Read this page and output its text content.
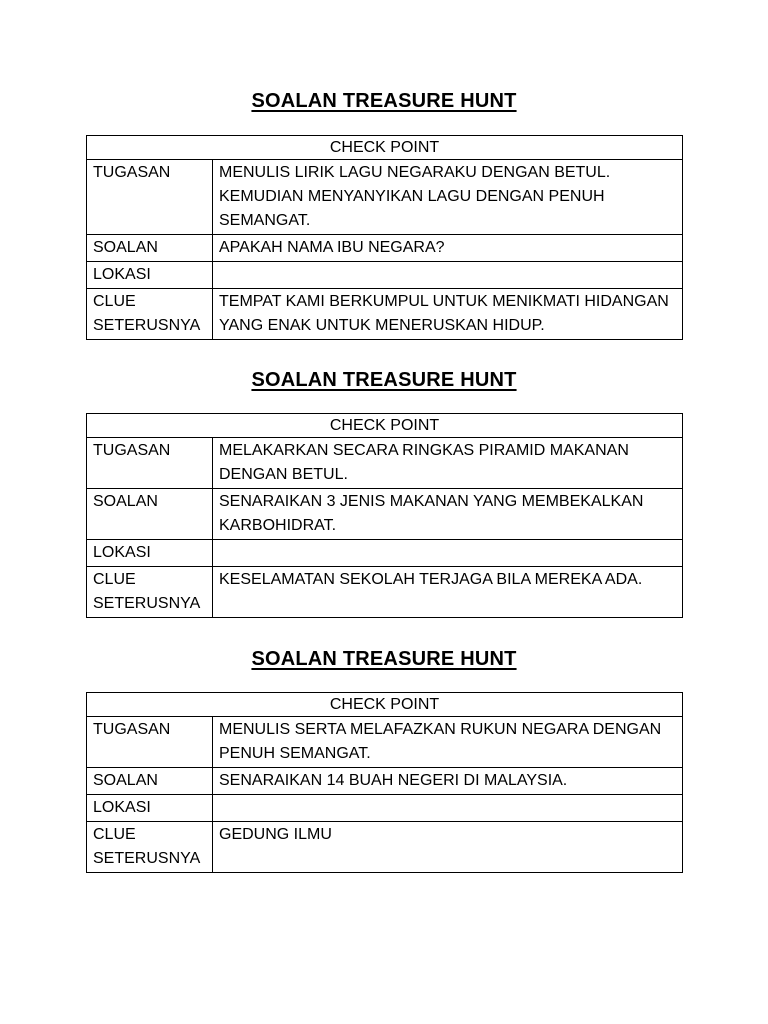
SOALAN TREASURE HUNT
CHECK POINT	
TUGASAN	MENULIS LIRIK LAGU NEGARAKU DENGAN BETUL. KEMUDIAN MENYANYIKAN LAGU DENGAN PENUH SEMANGAT.
SOALAN	APAKAH NAMA IBU NEGARA?
LOKASI	
CLUE SETERUSNYA	TEMPAT KAMI BERKUMPUL UNTUK MENIKMATI HIDANGAN YANG ENAK UNTUK MENERUSKAN HIDUP.
SOALAN TREASURE HUNT
CHECK POINT	
TUGASAN	MELAKARKAN SECARA RINGKAS PIRAMID MAKANAN DENGAN BETUL.
SOALAN	SENARAIKAN 3 JENIS MAKANAN YANG MEMBEKALKAN KARBOHIDRAT.
LOKASI	
CLUE SETERUSNYA	KESELAMATAN SEKOLAH TERJAGA BILA MEREKA ADA.
SOALAN TREASURE HUNT
CHECK POINT	
TUGASAN	MENULIS SERTA MELAFAZKAN RUKUN NEGARA DENGAN PENUH SEMANGAT.
SOALAN	SENARAIKAN 14 BUAH NEGERI DI MALAYSIA.
LOKASI	
CLUE SETERUSNYA	GEDUNG ILMU
